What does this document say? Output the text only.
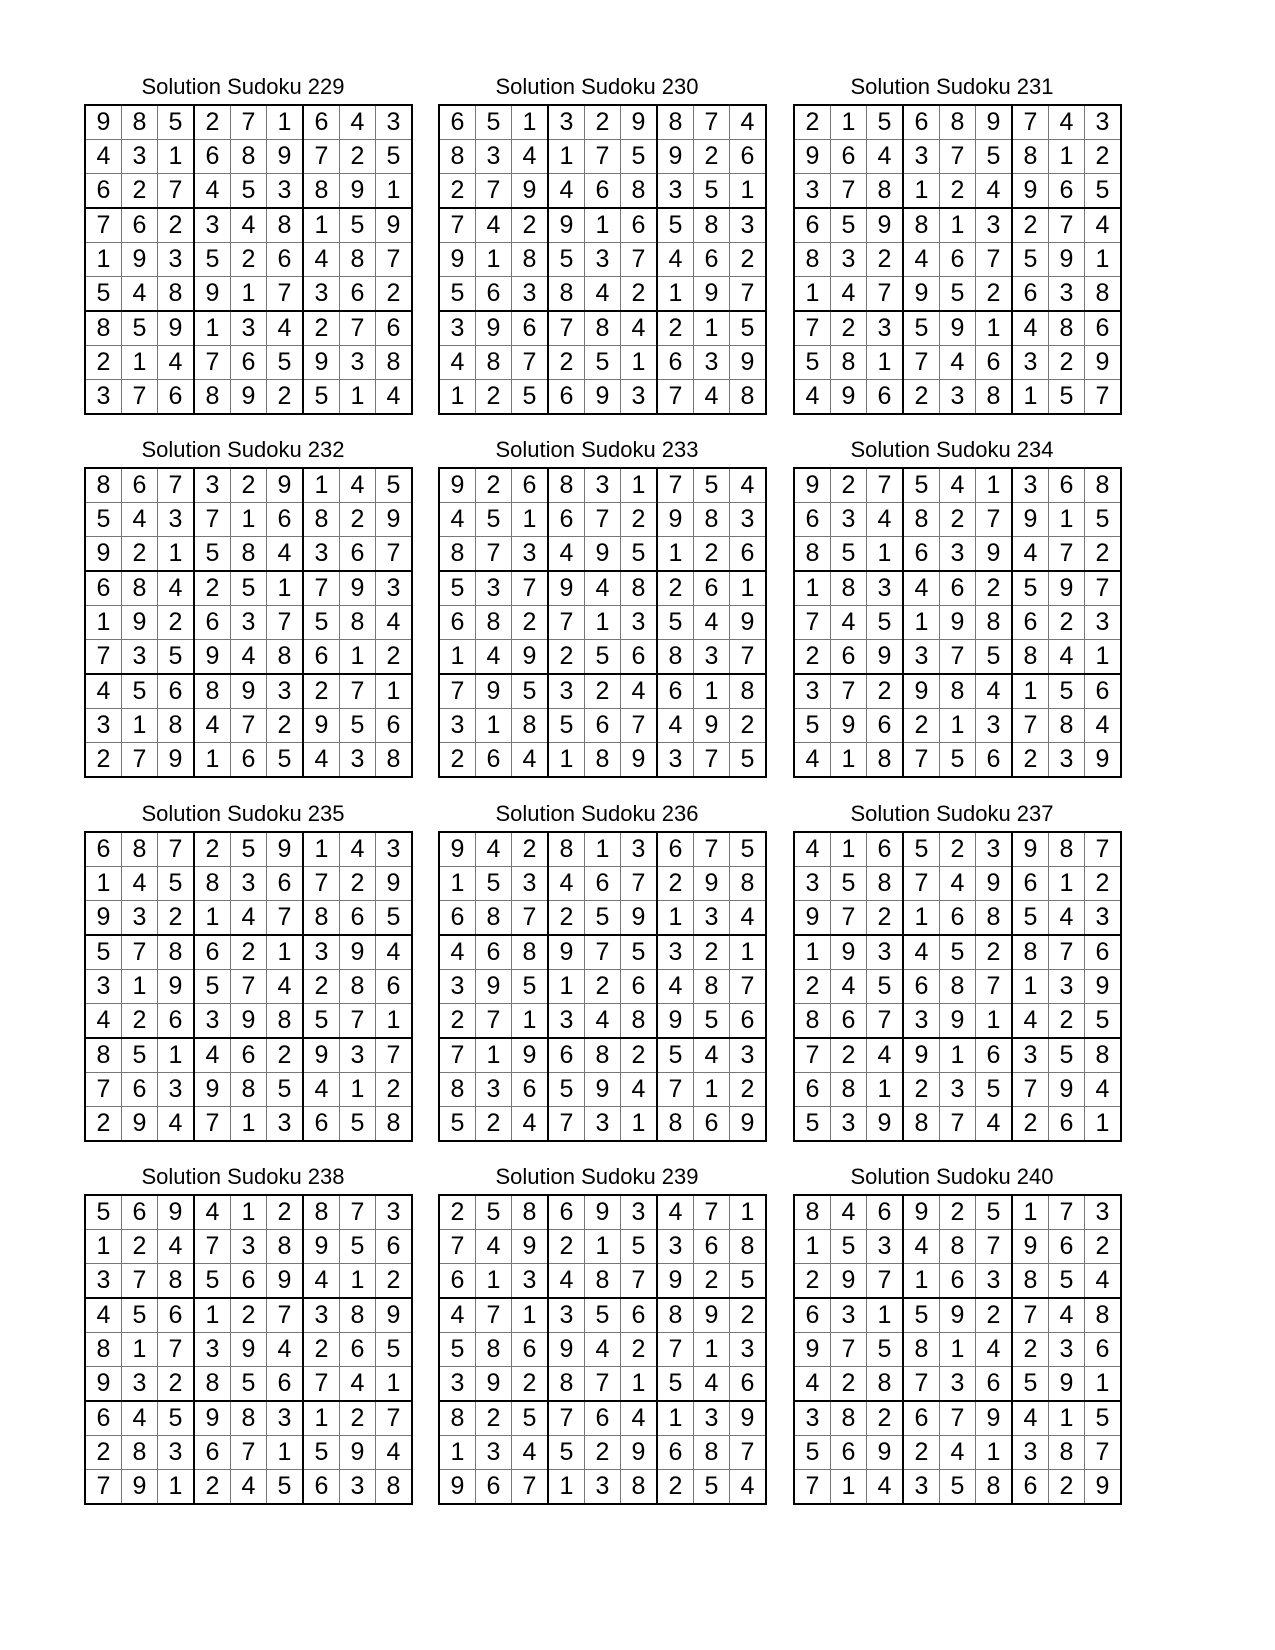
Solution Sudoku 229
9	8	5	2	7	1	6	4	3
4	3	1	6	8	9	7	2	5
6	2	7	4	5	3	8	9	1
7	6	2	3	4	8	1	5	9
1	9	3	5	2	6	4	8	7
5	4	8	9	1	7	3	6	2
8	5	9	1	3	4	2	7	6
2	1	4	7	6	5	9	3	8
3	7	6	8	9	2	5	1	4
Solution Sudoku 230
6	5	1	3	2	9	8	7	4
8	3	4	1	7	5	9	2	6
2	7	9	4	6	8	3	5	1
7	4	2	9	1	6	5	8	3
9	1	8	5	3	7	4	6	2
5	6	3	8	4	2	1	9	7
3	9	6	7	8	4	2	1	5
4	8	7	2	5	1	6	3	9
1	2	5	6	9	3	7	4	8
Solution Sudoku 231
2	1	5	6	8	9	7	4	3
9	6	4	3	7	5	8	1	2
3	7	8	1	2	4	9	6	5
6	5	9	8	1	3	2	7	4
8	3	2	4	6	7	5	9	1
1	4	7	9	5	2	6	3	8
7	2	3	5	9	1	4	8	6
5	8	1	7	4	6	3	2	9
4	9	6	2	3	8	1	5	7
Solution Sudoku 232
8	6	7	3	2	9	1	4	5
5	4	3	7	1	6	8	2	9
9	2	1	5	8	4	3	6	7
6	8	4	2	5	1	7	9	3
1	9	2	6	3	7	5	8	4
7	3	5	9	4	8	6	1	2
4	5	6	8	9	3	2	7	1
3	1	8	4	7	2	9	5	6
2	7	9	1	6	5	4	3	8
Solution Sudoku 233
9	2	6	8	3	1	7	5	4
4	5	1	6	7	2	9	8	3
8	7	3	4	9	5	1	2	6
5	3	7	9	4	8	2	6	1
6	8	2	7	1	3	5	4	9
1	4	9	2	5	6	8	3	7
7	9	5	3	2	4	6	1	8
3	1	8	5	6	7	4	9	2
2	6	4	1	8	9	3	7	5
Solution Sudoku 234
9	2	7	5	4	1	3	6	8
6	3	4	8	2	7	9	1	5
8	5	1	6	3	9	4	7	2
1	8	3	4	6	2	5	9	7
7	4	5	1	9	8	6	2	3
2	6	9	3	7	5	8	4	1
3	7	2	9	8	4	1	5	6
5	9	6	2	1	3	7	8	4
4	1	8	7	5	6	2	3	9
Solution Sudoku 235
6	8	7	2	5	9	1	4	3
1	4	5	8	3	6	7	2	9
9	3	2	1	4	7	8	6	5
5	7	8	6	2	1	3	9	4
3	1	9	5	7	4	2	8	6
4	2	6	3	9	8	5	7	1
8	5	1	4	6	2	9	3	7
7	6	3	9	8	5	4	1	2
2	9	4	7	1	3	6	5	8
Solution Sudoku 236
9	4	2	8	1	3	6	7	5
1	5	3	4	6	7	2	9	8
6	8	7	2	5	9	1	3	4
4	6	8	9	7	5	3	2	1
3	9	5	1	2	6	4	8	7
2	7	1	3	4	8	9	5	6
7	1	9	6	8	2	5	4	3
8	3	6	5	9	4	7	1	2
5	2	4	7	3	1	8	6	9
Solution Sudoku 237
4	1	6	5	2	3	9	8	7
3	5	8	7	4	9	6	1	2
9	7	2	1	6	8	5	4	3
1	9	3	4	5	2	8	7	6
2	4	5	6	8	7	1	3	9
8	6	7	3	9	1	4	2	5
7	2	4	9	1	6	3	5	8
6	8	1	2	3	5	7	9	4
5	3	9	8	7	4	2	6	1
Solution Sudoku 238
5	6	9	4	1	2	8	7	3
1	2	4	7	3	8	9	5	6
3	7	8	5	6	9	4	1	2
4	5	6	1	2	7	3	8	9
8	1	7	3	9	4	2	6	5
9	3	2	8	5	6	7	4	1
6	4	5	9	8	3	1	2	7
2	8	3	6	7	1	5	9	4
7	9	1	2	4	5	6	3	8
Solution Sudoku 239
2	5	8	6	9	3	4	7	1
7	4	9	2	1	5	3	6	8
6	1	3	4	8	7	9	2	5
4	7	1	3	5	6	8	9	2
5	8	6	9	4	2	7	1	3
3	9	2	8	7	1	5	4	6
8	2	5	7	6	4	1	3	9
1	3	4	5	2	9	6	8	7
9	6	7	1	3	8	2	5	4
Solution Sudoku 240
8	4	6	9	2	5	1	7	3
1	5	3	4	8	7	9	6	2
2	9	7	1	6	3	8	5	4
6	3	1	5	9	2	7	4	8
9	7	5	8	1	4	2	3	6
4	2	8	7	3	6	5	9	1
3	8	2	6	7	9	4	1	5
5	6	9	2	4	1	3	8	7
7	1	4	3	5	8	6	2	9
